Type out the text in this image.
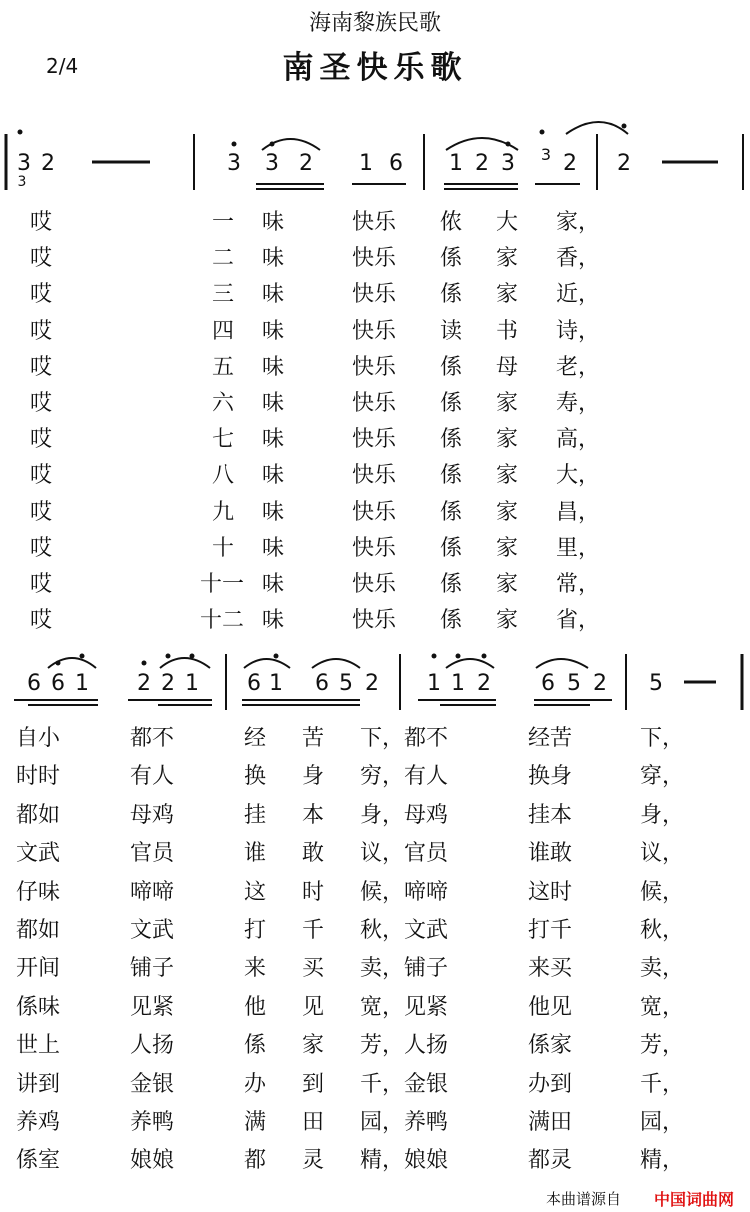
海南黎族民歌
南圣快乐歌
2/4
3 2	3 3 2 1 6 1 2 3 3 2 2
3
6 6 1 2 2 1 6 1 6 5 2 1 1 2 6 5 2 5
哎	一 味	快乐 侬 大 家，
哎	二 味	快乐 係 家 香，
哎	三 味	快乐 係 家 近，
哎	四 味	快乐 读 书 诗，
哎	五 味	快乐 係 母 老，
哎	六 味	快乐 係 家 寿，
哎	七 味	快乐 係 家 高，
哎	八 味	快乐 係 家 大，
哎	九 味	快乐 係 家 昌，
哎	十 味	快乐 係 家 里，
哎	十一 味	快乐 係 家 常，
哎	十二 味	快乐 係 家 省，
自小	都不	经 苦 下，都不	经苦	下，
时时	有人	换 身 穷，有人	换身	穿，
都如	母鸡	挂 本 身，母鸡	挂本	身，
文武	官员	谁 敢 议，官员	谁敢	议，
仔味	啼啼	这 时 候，啼啼	这时	候，
都如	文武	打 千 秋，文武	打千	秋，
开间	铺子	来 买 卖，铺子	来买	卖，
係味	见紧	他 见 宽，见紧	他见	宽，
世上	人扬	係 家 芳，人扬	係家	芳，
讲到	金银	办 到 千，金银	办到	千，
养鸡	养鸭	满 田 园，养鸭	满田	园，
係室	娘娘	都 灵 精，娘娘	都灵	精，
本曲谱源自 中国词曲网
